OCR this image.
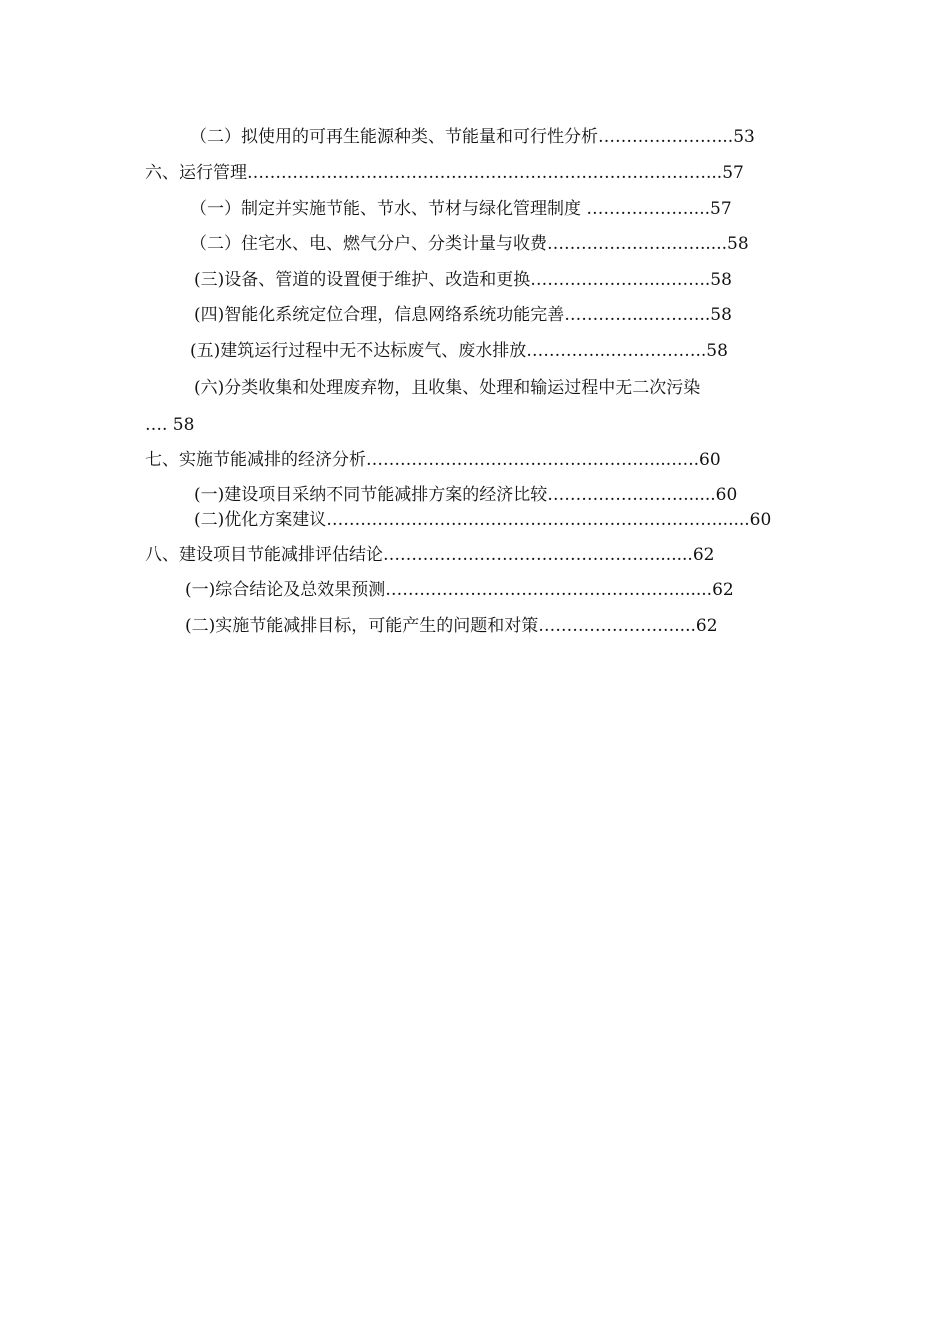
（二）拟使用的可再生能源种类、节能量和可行性分析…………………...53
六、运行管理………………………………………………………………………...57
（一）制定并实施节能、节水、节材与绿化管理制度 ………………....57
（二）住宅水、电、燃气分户、分类计量与收费……………………….....58
(三)设备、管道的设置便于维护、改造和更换…………………...……..58
(四)智能化系统定位合理，信息网络系统功能完善…………...………..58
(五)建筑运行过程中无不达标废气、废水排放…………...……………..58
(六)分类收集和处理废弃物，且收集、处理和输运过程中无二次污染
…. 58
七、实施节能减排的经济分析……………………………………………...…..60
(一)建设项目采纳不同节能减排方案的经济比较……………………......60
(二)优化方案建议……………………………………………………………......60
八、建设项目节能减排评估结论………………………………………….......62
(一)综合结论及总效果预测…………………………………………….......62
(二)实施节能减排目标，可能产生的问题和对策……………………....62
